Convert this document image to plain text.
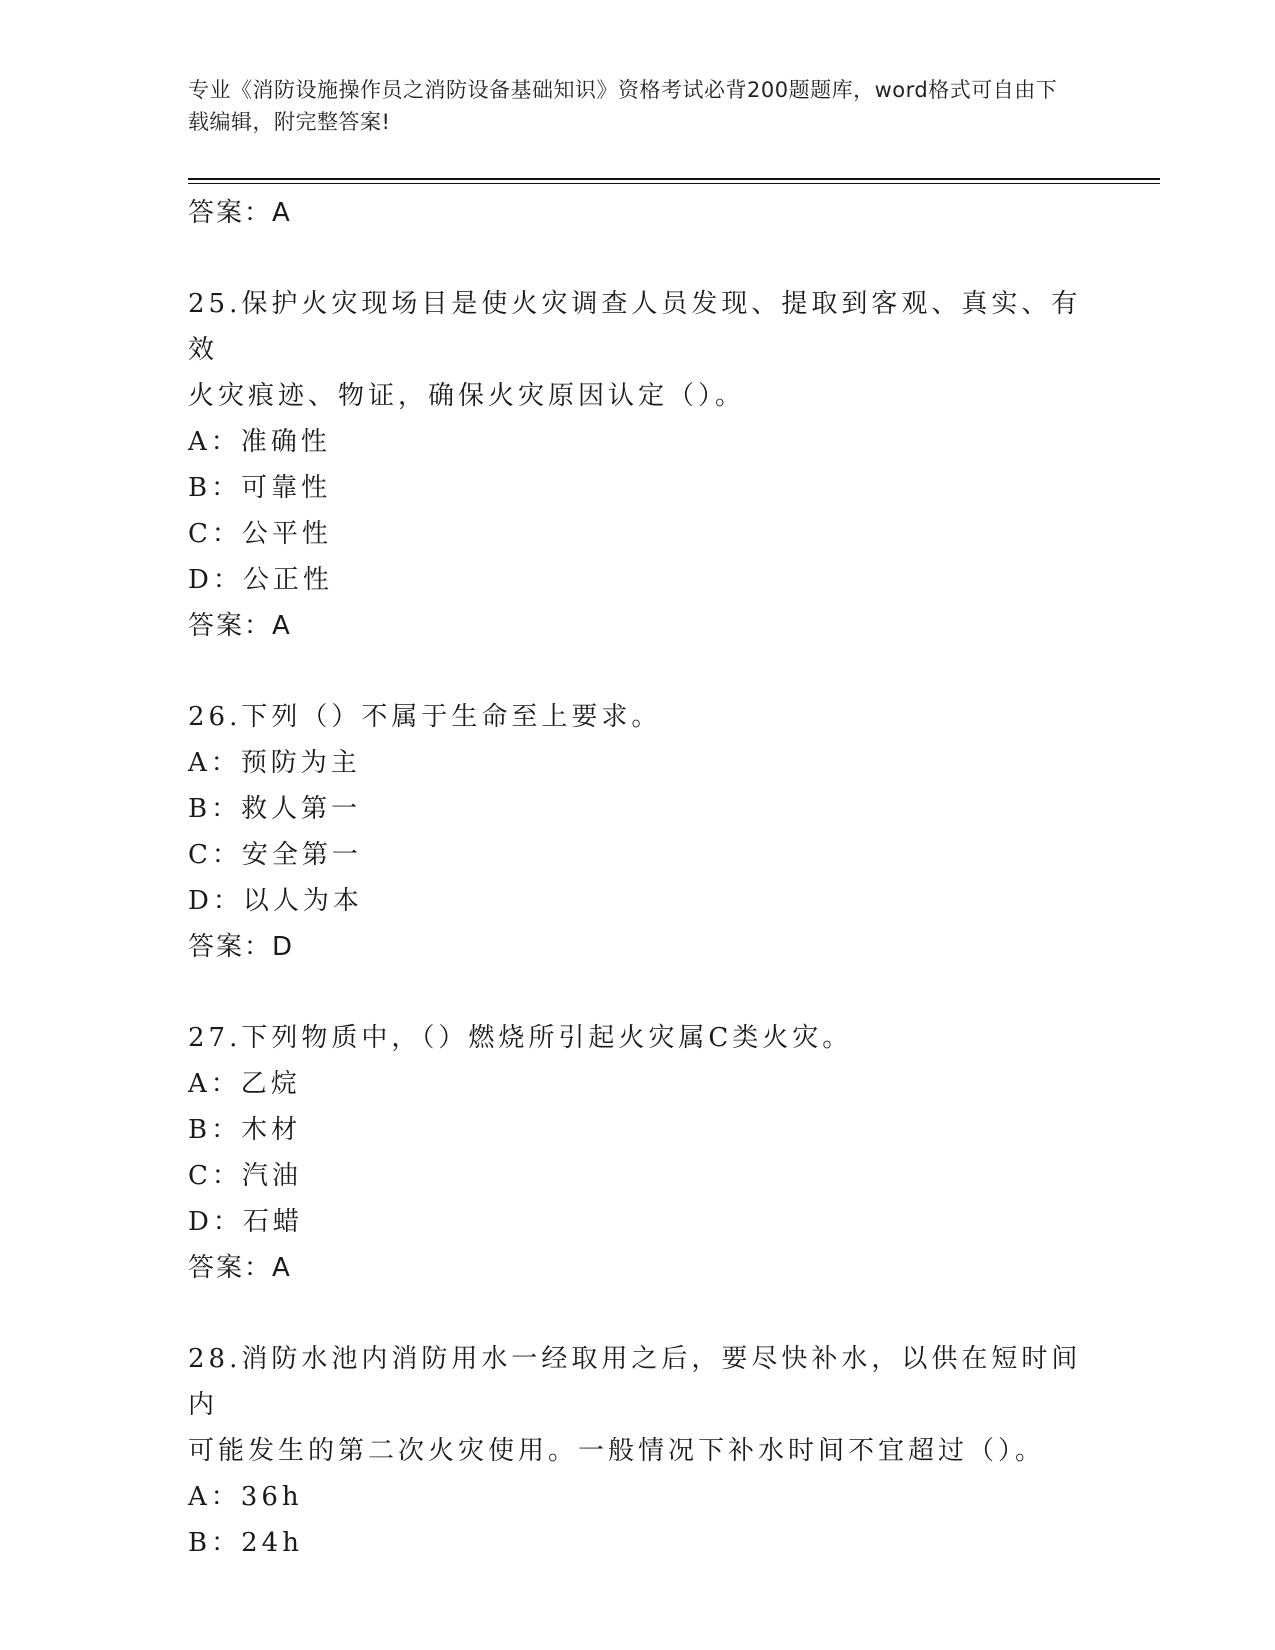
专业《消防设施操作员之消防设备基础知识》资格考试必背200题题库，word格式可自由下载编辑，附完整答案!
答案：A
25.保护火灾现场目是使火灾调查人员发现、提取到客观、真实、有效
火灾痕迹、物证，确保火灾原因认定（）。
A：准确性
B：可靠性
C：公平性
D：公正性
答案：A
26.下列（）不属于生命至上要求。
A：预防为主
B：救人第一
C：安全第一
D：以人为本
答案：D
27.下列物质中，（）燃烧所引起火灾属C类火灾。
A：乙烷
B：木材
C：汽油
D：石蜡
答案：A
28.消防水池内消防用水一经取用之后，要尽快补水，以供在短时间内
可能发生的第二次火灾使用。一般情况下补水时间不宜超过（）。
A：36h
B：24h
